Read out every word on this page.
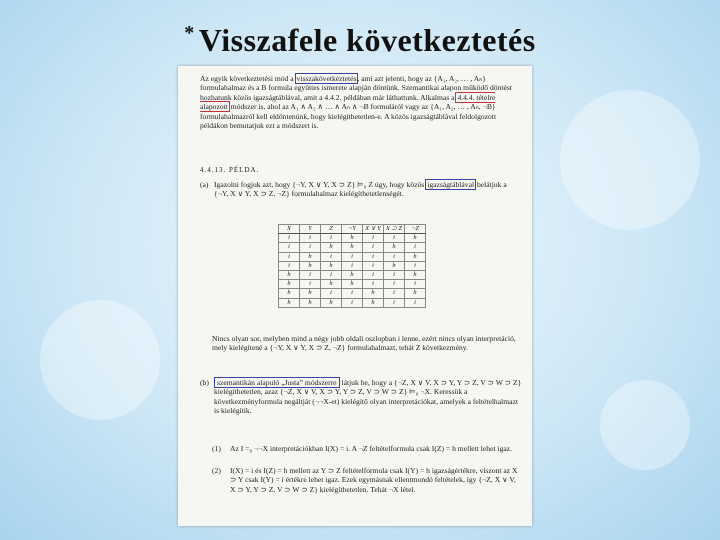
* Visszafele következtetés
Az egyik következtetési mód a visszakövetkeztetés, ami azt jelenti, hogy az {A₁, A₂, … , Aₙ} formulahalmaz és a B formula együttes ismerete alapján döntünk. Szemantikai alapon működő döntést hozhatunk közös igazságtáblával, amit a 4.4.2. példában már láthattunk. Alkalmas a 4.4.4. tételre alapozott módszer is, ahol az A₁ ∧ A₂ ∧ … ∧ Aₙ ∧ ¬B formuláról vagy az {A₁, A₂, … , Aₙ, ¬B} formulahalmazról kell eldöntenünk, hogy kielégíthetetlen-e. A közös igazságtáblával feldolgozott példákon bemutatjuk ezt a módszert is.
4.4.13. PÉLDA.
(a) Igazolni fogjuk azt, hogy {¬Y, X ∨ Y, X ⊃ Z} ⊨₀ Z úgy, hogy közös igazságtáblával belátjuk a {¬Y, X ∨ Y, X ⊃ Z, ¬Z} formulahalmaz kielégíthetetlenségét.
X	Y	Z	¬Y	X ∨ Y	X ⊃ Z	¬Z
i	i	i	h	i	i	h
i	i	h	h	i	h	i
i	h	i	i	i	i	h
i	h	h	i	i	h	i
h	i	i	h	i	i	h
h	i	h	h	i	i	i
h	h	i	i	h	i	h
h	h	h	i	h	i	i
Nincs olyan sor, melyben mind a négy jobb oldali oszlopban i lenne, ezért nincs olyan interpretáció, mely kielégítené a {¬Y, X ∨ Y, X ⊃ Z, ¬Z} formulahalmazt, tehát Z következmény.
(b)	szemantikán alapuló „Justa” módszerre látjuk be, hogy a {¬Z, X ∨ V, X ⊃ Y, Y ⊃ Z, V ⊃ W ⊃ Z} kielégíthetetlen, azaz {¬Z, X ∨ V, X ⊃ Y, Y ⊃ Z, V ⊃ W ⊃ Z} ⊨₀ ¬X. Keressük a következményformula negáltját (¬¬X-et) kielégítő olyan interpretációkat, amelyek a feltételhalmazt is kielégítik.
(1) Az I =₀ ¬¬X interpretációkban I(X) = i. A ¬Z feltételformula csak I(Z) = h mellett lehet igaz.
(2) I(X) = i és I(Z) = h mellett az Y ⊃ Z feltételformula csak I(Y) = h igazságértékre, viszont az X ⊃ Y csak I(Y) = i értékre lehet igaz. Ezek egymásnak ellentmondó feltételek, így {¬Z, X ∨ V, X ⊃ Y, Y ⊃ Z, V ⊃ W ⊃ Z} kielégíthetetlen. Tehát ¬X létel.
